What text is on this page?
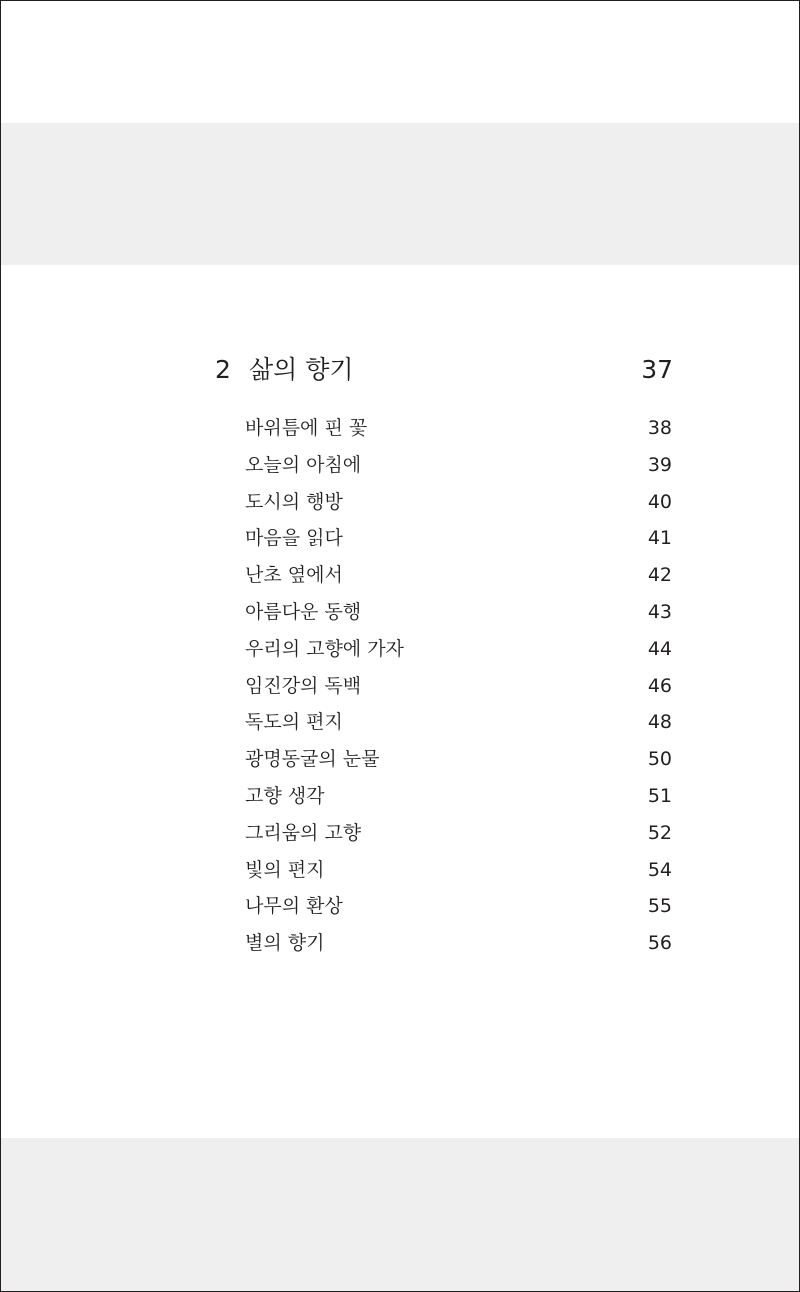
2 삶의 향기	37
바위틈에 핀 꽃	38
오늘의 아침에	39
도시의 행방	40
마음을 읽다	41
난초 옆에서	42
아름다운 동행	43
우리의 고향에 가자	44
임진강의 독백	46
독도의 편지	48
광명동굴의 눈물	50
고향 생각	51
그리움의 고향	52
빛의 편지	54
나무의 환상	55
별의 향기	56
